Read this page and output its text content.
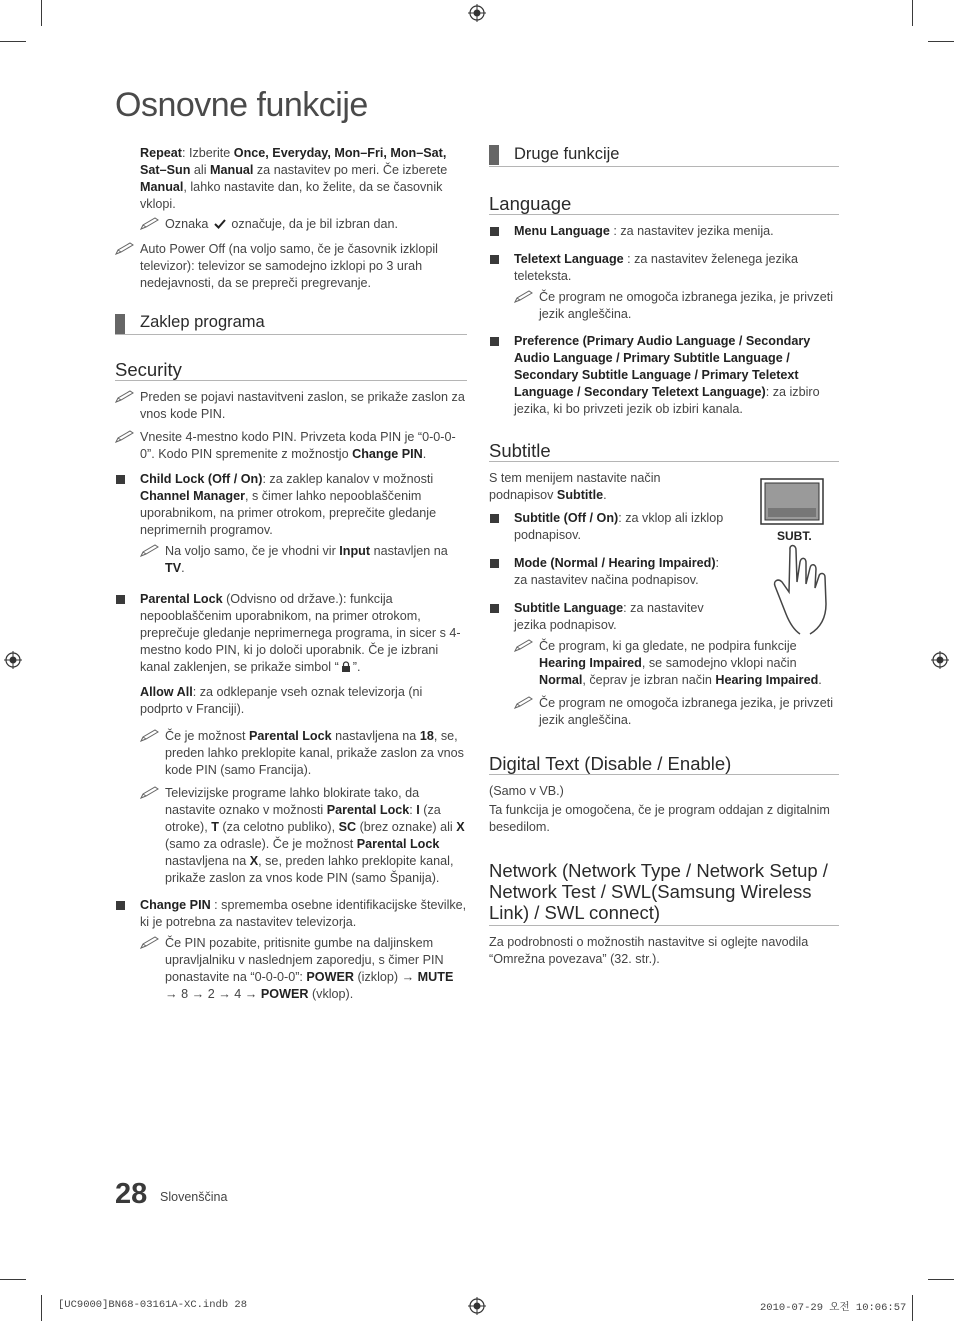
Osnovne funkcije

Repeat: Izberite Once, Everyday, Mon–Fri, Mon–Sat, Sat–Sun ali Manual za nastavitev po meri. Če izberete Manual, lahko nastavite dan, ko želite, da se časovnik vklopi.

Oznaka označuje, da je bil izbran dan.

Auto Power Off (na voljo samo, če je časovnik izklopil televizor): televizor se samodejno izklopi po 3 urah nedejavnosti, da se prepreči pregrevanje.

Zaklep programa
Security

Preden se pojavi nastavitveni zaslon, se prikaže zaslon za vnos kode PIN.

Vnesite 4-mestno kodo PIN. Privzeta koda PIN je “0-0-0-0”. Kodo PIN spremenite z možnostjo Change PIN.

Child Lock (Off / On): za zaklep kanalov v možnosti Channel Manager, s čimer lahko nepooblaščenim uporabnikom, na primer otrokom, preprečite gledanje neprimernih programov.

Na voljo samo, če je vhodni vir Input nastavljen na TV.

Parental Lock (Odvisno od države.): funkcija nepooblaščenim uporabnikom, na primer otrokom, preprečuje gledanje neprimernega programa, in sicer s 4-mestno kodo PIN, ki jo določi uporabnik. Če je izbrani kanal zaklenjen, se prikaže simbol “ ”.

Allow All: za odklepanje vseh oznak televizorja (ni podprto v Franciji).

Če je možnost Parental Lock nastavljena na 18, se, preden lahko preklopite kanal, prikaže zaslon za vnos kode PIN (samo Francija).

Televizijske programe lahko blokirate tako, da nastavite oznako v možnosti Parental Lock: I (za otroke), T (za celotno publiko), SC (brez oznake) ali X (samo za odrasle). Če je možnost Parental Lock nastavljena na X, se, preden lahko preklopite kanal, prikaže zaslon za vnos kode PIN (samo Španija).

Change PIN : sprememba osebne identifikacijske številke, ki je potrebna za nastavitev televizorja.

Če PIN pozabite, pritisnite gumbe na daljinskem upravljalniku v naslednjem zaporedju, s čimer PIN ponastavite na “0-0-0-0”: POWER (izklop) → MUTE → 8 → 2 → 4 → POWER (vklop).

Druge funkcije
Language
Menu Language : za nastavitev jezika menija.
Teletext Language : za nastavitev želenega jezika teleteksta.

Če program ne omogoča izbranega jezika, je privzeti jezik angleščina.

Preference (Primary Audio Language / Secondary Audio Language / Primary Subtitle Language / Secondary Subtitle Language / Primary Teletext Language / Secondary Teletext Language): za izbiro jezika, ki bo privzeti jezik ob izbiri kanala.
Subtitle

S tem menijem nastavite način podnapisov Subtitle.

Subtitle (Off / On): za vklop ali izklop podnapisov.
Mode (Normal / Hearing Impaired): za nastavitev načina podnapisov.
Subtitle Language: za nastavitev jezika podnapisov.

Če program, ki ga gledate, ne podpira funkcije Hearing Impaired, se samodejno vklopi način Normal, čeprav je izbran način Hearing Impaired.

Če program ne omogoča izbranega jezika, je privzeti jezik angleščina.

Digital Text (Disable / Enable)

(Samo v VB.)

Ta funkcija je omogočena, če je program oddajan z digitalnim besedilom.

Network (Network Type / Network Setup / Network Test / SWL(Samsung Wireless Link) / SWL connect)

Za podrobnosti o možnostih nastavitve si oglejte navodila “Omrežna povezava” (32. str.).

SUBT.
28 Slovenščina
[UC9000]BN68-03161A-XC.indb 28	2010-07-29 오전 10:06:57
